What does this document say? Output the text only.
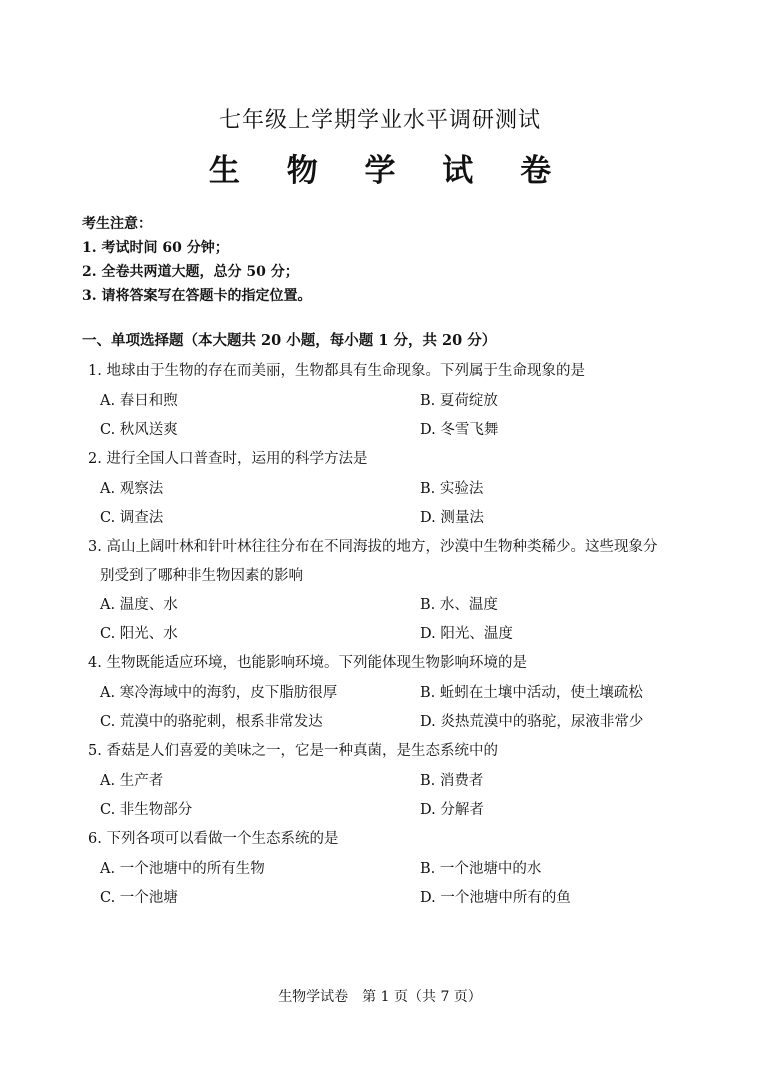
七年级上学期学业水平调研测试
生 物 学 试 卷
考生注意：
1. 考试时间 60 分钟；
2. 全卷共两道大题，总分 50 分；
3. 请将答案写在答题卡的指定位置。
一、单项选择题（本大题共 20 小题，每小题 1 分，共 20 分）
1. 地球由于生物的存在而美丽，生物都具有生命现象。下列属于生命现象的是
A. 春日和煦	B. 夏荷绽放
C. 秋风送爽	D. 冬雪飞舞
2. 进行全国人口普查时，运用的科学方法是
A. 观察法	B. 实验法
C. 调查法	D. 测量法
3. 高山上阔叶林和针叶林往往分布在不同海拔的地方，沙漠中生物种类稀少。这些现象分
别受到了哪种非生物因素的影响
A. 温度、水	B. 水、温度
C. 阳光、水	D. 阳光、温度
4. 生物既能适应环境，也能影响环境。下列能体现生物影响环境的是
A. 寒冷海域中的海豹，皮下脂肪很厚	B. 蚯蚓在土壤中活动，使土壤疏松
C. 荒漠中的骆驼刺，根系非常发达	D. 炎热荒漠中的骆驼，尿液非常少
5. 香菇是人们喜爱的美味之一，它是一种真菌，是生态系统中的
A. 生产者	B. 消费者
C. 非生物部分	D. 分解者
6. 下列各项可以看做一个生态系统的是
A. 一个池塘中的所有生物	B. 一个池塘中的水
C. 一个池塘	D. 一个池塘中所有的鱼
生物学试卷　第 1 页（共 7 页）
